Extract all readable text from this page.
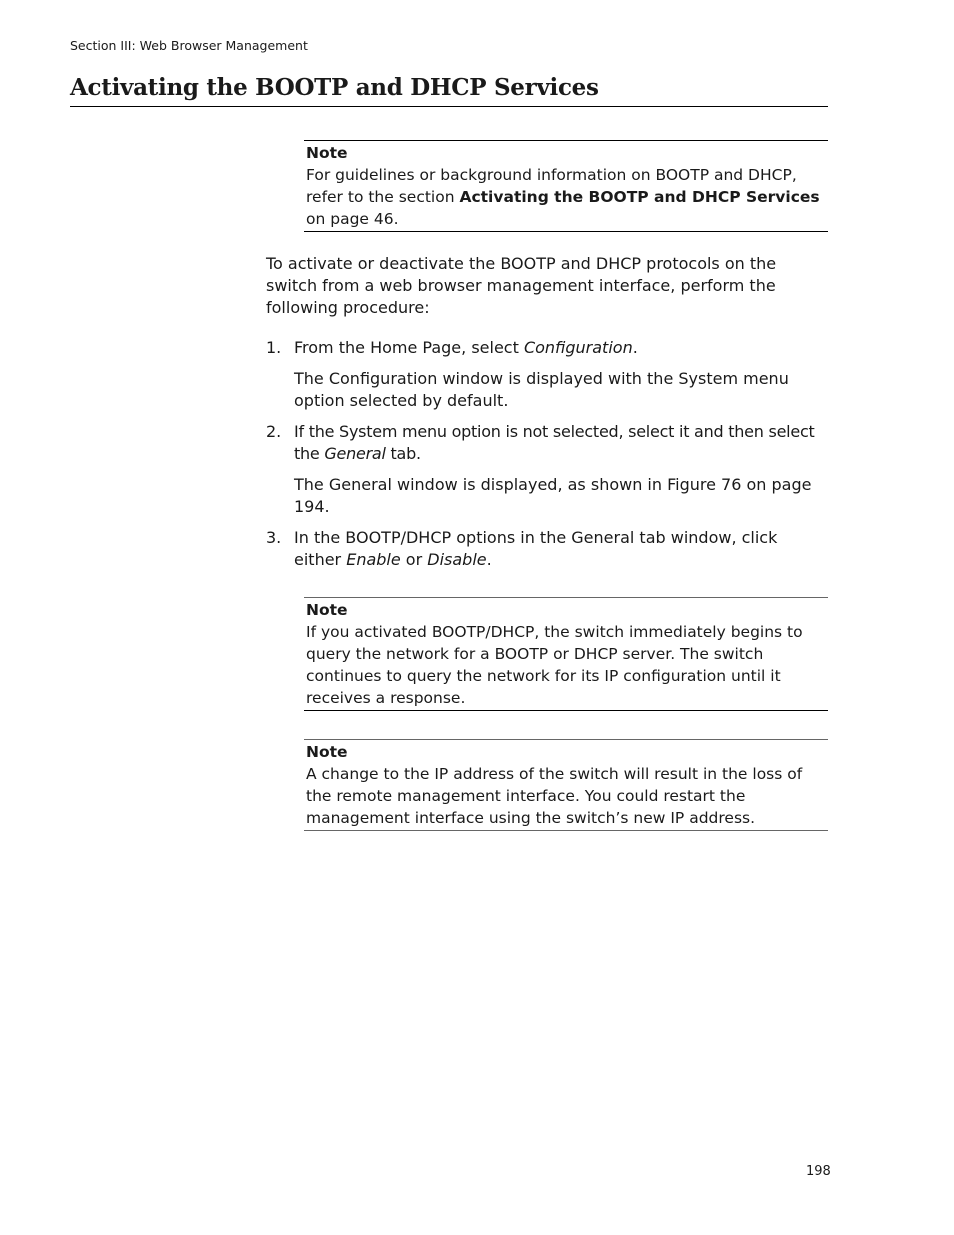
Section III: Web Browser Management
Activating the BOOTP and DHCP Services
Note
For guidelines or background information on BOOTP and DHCP, refer to the section Activating the BOOTP and DHCP Services on page 46.

To activate or deactivate the BOOTP and DHCP protocols on the switch from a web browser management interface, perform the following procedure:

1. From the Home Page, select Configuration.
The Configuration window is displayed with the System menu option selected by default.
2. If the System menu option is not selected, select it and then select the General tab.
The General window is displayed, as shown in Figure 76 on page 194.
3. In the BOOTP/DHCP options in the General tab window, click either Enable or Disable.
Note
If you activated BOOTP/DHCP, the switch immediately begins to query the network for a BOOTP or DHCP server. The switch continues to query the network for its IP configuration until it receives a response.
Note
A change to the IP address of the switch will result in the loss of the remote management interface. You could restart the management interface using the switch’s new IP address.
198
